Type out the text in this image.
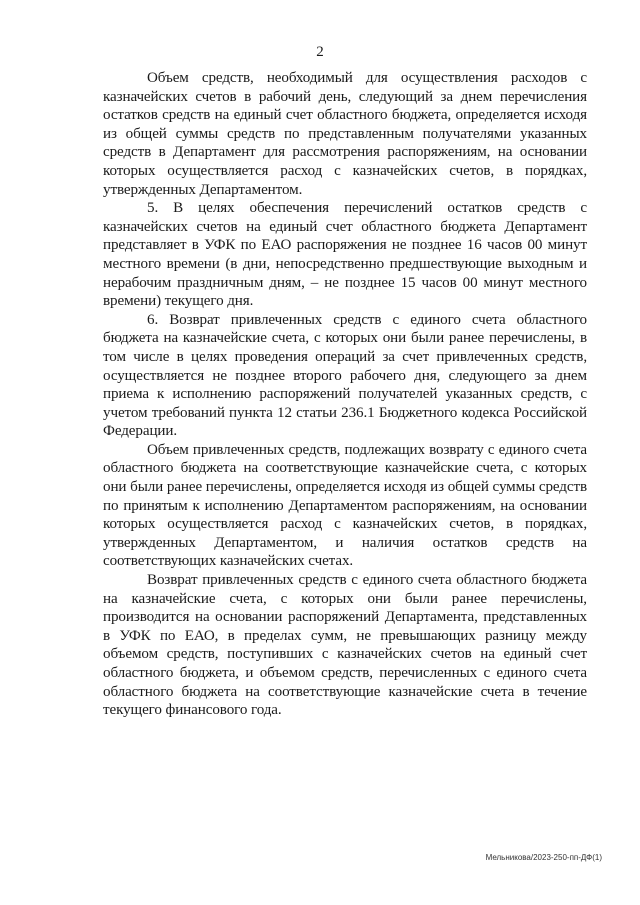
2

Объем средств, необходимый для осуществления расходов с казначейских счетов в рабочий день, следующий за днем перечисления остатков средств на единый счет областного бюджета, определяется исходя из общей суммы средств по представленным получателями указанных средств в Департамент для рассмотрения распоряжениям, на основании которых осуществляется расход с казначейских счетов, в порядках, утвержденных Департаментом.

5. В целях обеспечения перечислений остатков средств с казначейских счетов на единый счет областного бюджета Департамент представляет в УФК по ЕАО распоряжения не позднее 16 часов 00 минут местного времени (в дни, непосредственно предшествующие выходным и нерабочим праздничным дням, – не позднее 15 часов 00 минут местного времени) текущего дня.

6. Возврат привлеченных средств с единого счета областного бюджета на казначейские счета, с которых они были ранее перечислены, в том числе в целях проведения операций за счет привлеченных средств, осуществляется не позднее второго рабочего дня, следующего за днем приема к исполнению распоряжений получателей указанных средств, с учетом требований пункта 12 статьи 236.1 Бюджетного кодекса Российской Федерации.

Объем привлеченных средств, подлежащих возврату с единого счета областного бюджета на соответствующие казначейские счета, с которых они были ранее перечислены, определяется исходя из общей суммы средств по принятым к исполнению Департаментом распоряжениям, на основании которых осуществляется расход с казначейских счетов, в порядках, утвержденных Департаментом, и наличия остатков средств на соответствующих казначейских счетах.

Возврат привлеченных средств с единого счета областного бюджета на казначейские счета, с которых они были ранее перечислены, производится на основании распоряжений Департамента, представленных в УФК по ЕАО, в пределах сумм, не превышающих разницу между объемом средств, поступивших с казначейских счетов на единый счет областного бюджета, и объемом средств, перечисленных с единого счета областного бюджета на соответствующие казначейские счета в течение текущего финансового года.

Мельникова/2023-250-пп-ДФ(1)
